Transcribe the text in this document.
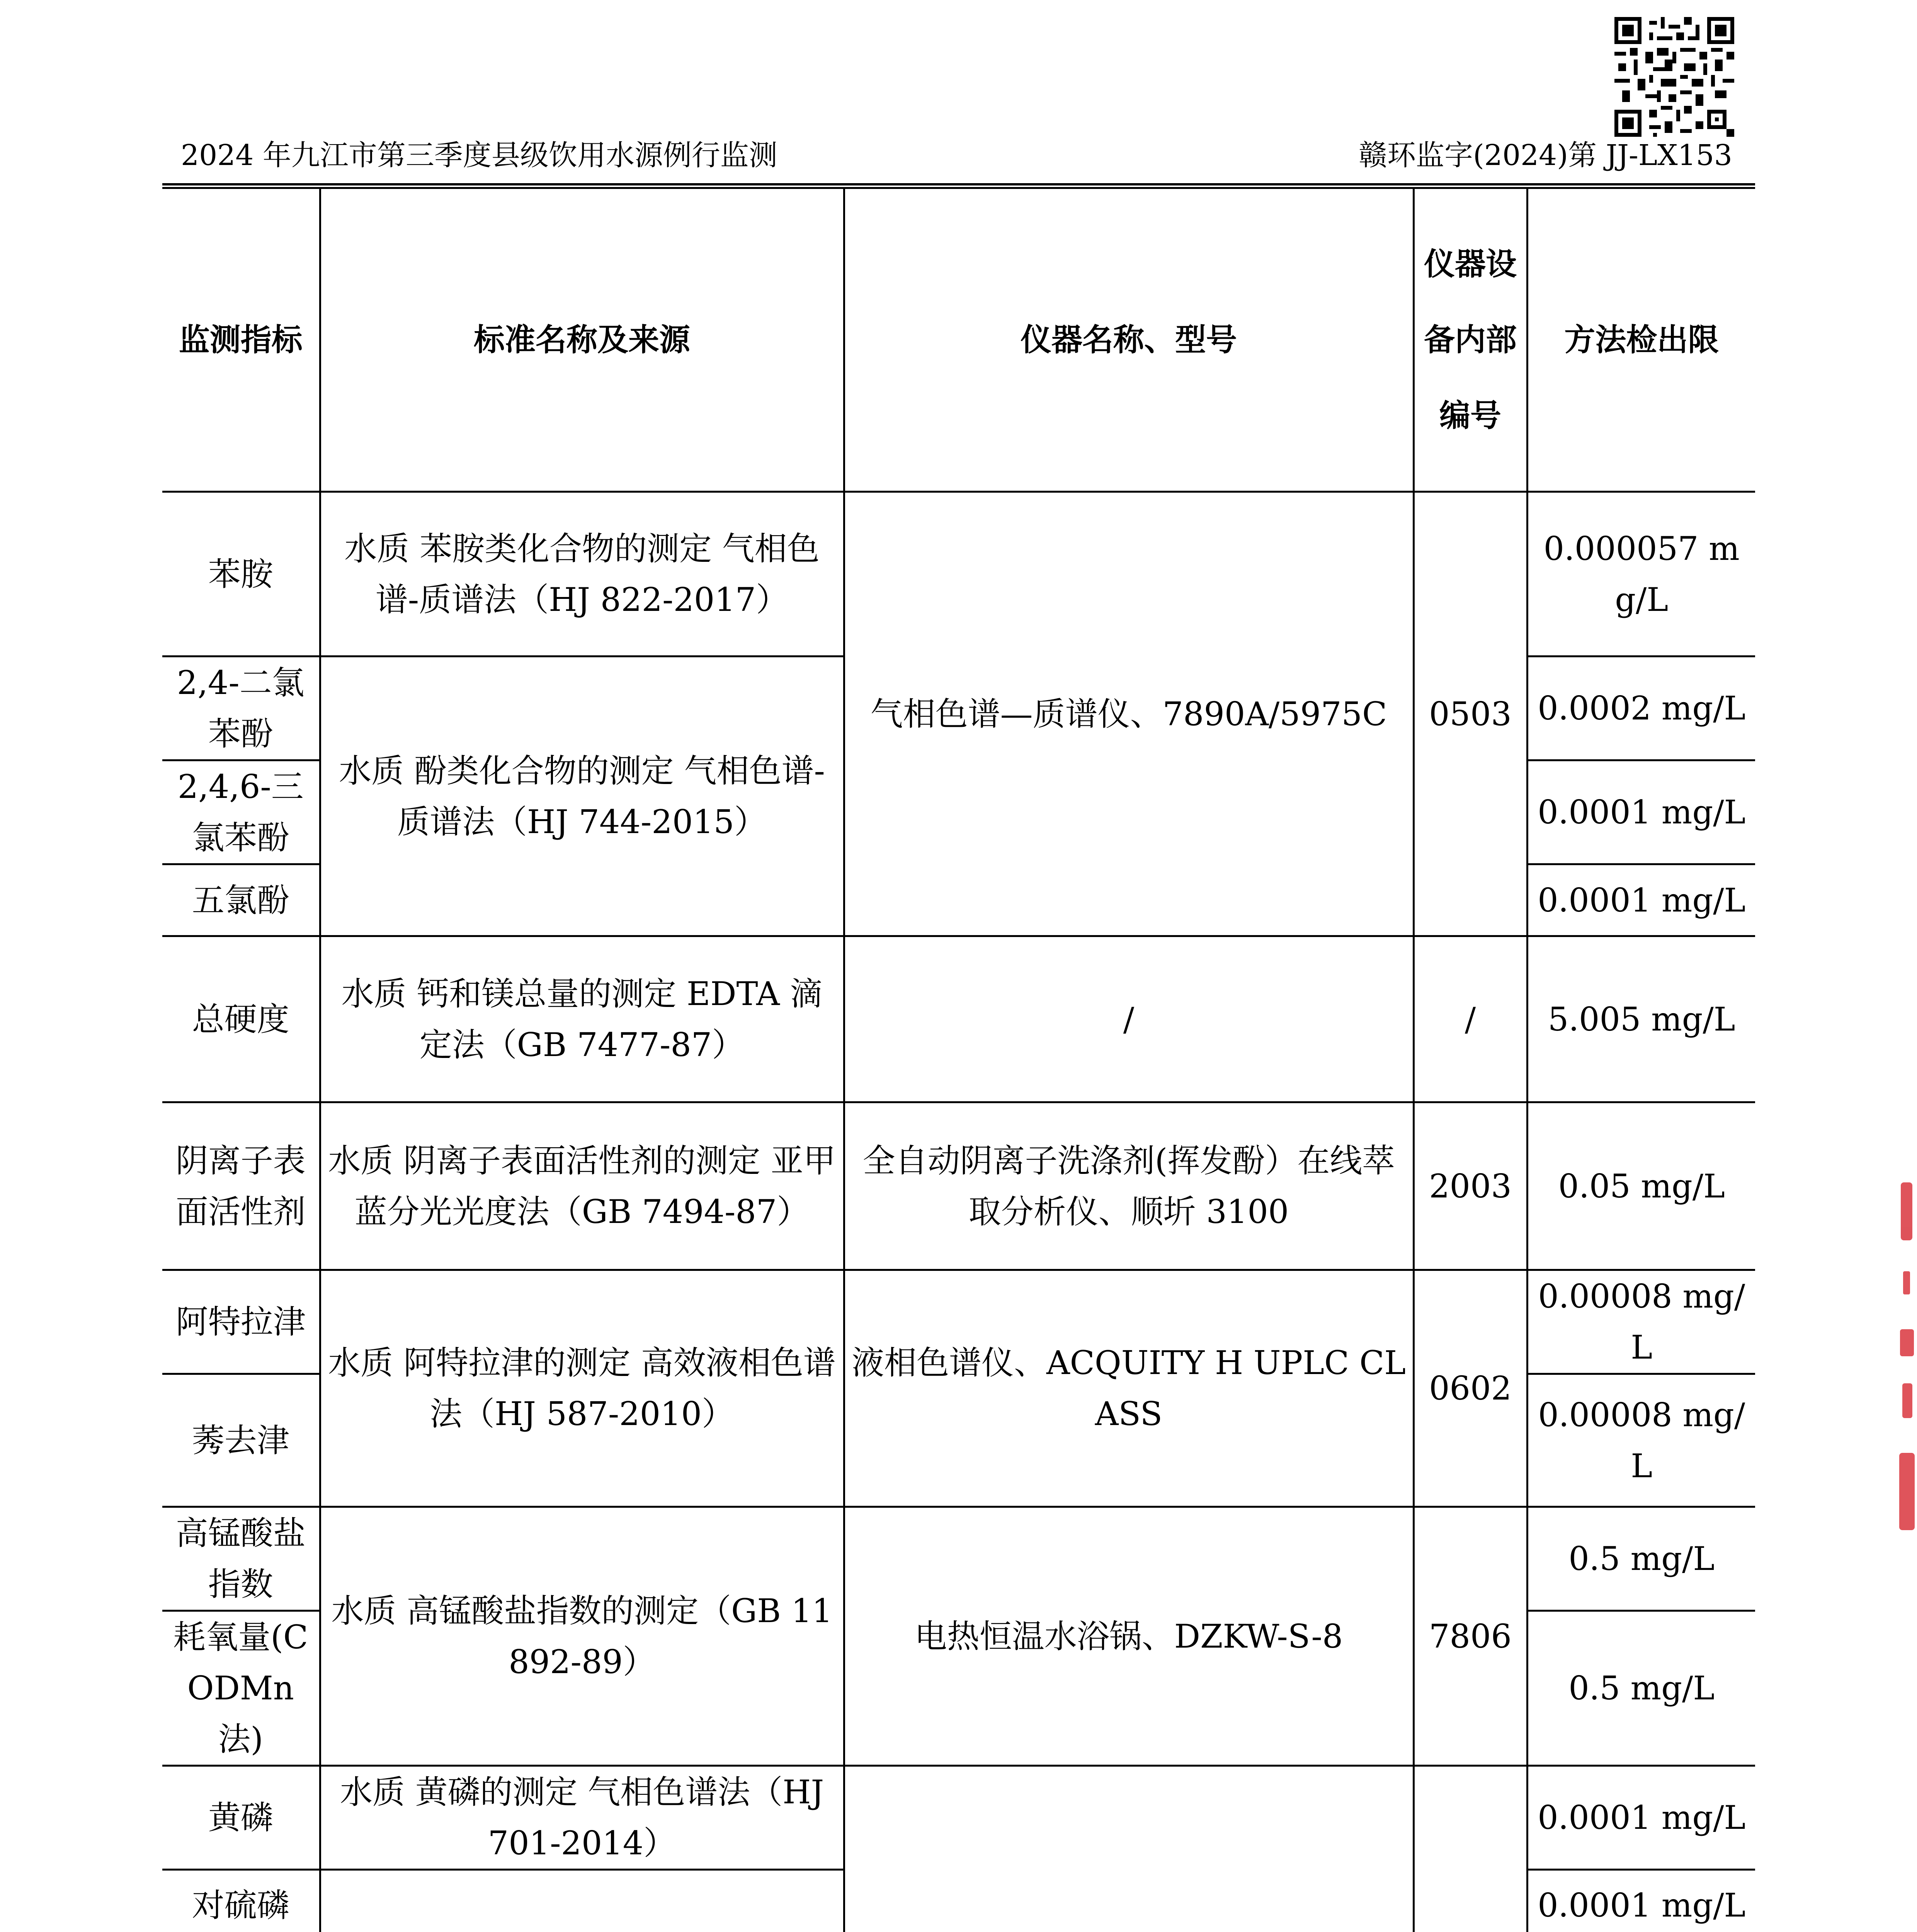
2024 年九江市第三季度县级饮用水源例行监测	赣环监字(2024)第 JJ-LX153
监测指标	标准名称及来源	仪器名称、型号	仪器设备内部编号	方法检出限
苯胺	水质 苯胺类化合物的测定 气相色谱-质谱法（HJ 822-2017）	气相色谱—质谱仪、7890A/5975C	0503	0.000057 mg/L
2,4-二氯苯酚	水质 酚类化合物的测定 气相色谱-质谱法（HJ 744-2015）			0.0002 mg/L
2,4,6-三氯苯酚				0.0001 mg/L
五氯酚				0.0001 mg/L
总硬度	水质 钙和镁总量的测定 EDTA 滴定法（GB 7477-87）	/	/	5.005 mg/L
阴离子表面活性剂	水质 阴离子表面活性剂的测定 亚甲蓝分光光度法（GB 7494-87）	全自动阴离子洗涤剂(挥发酚）在线萃取分析仪、顺圻 3100	2003	0.05 mg/L
阿特拉津	水质 阿特拉津的测定 高效液相色谱法（HJ 587-2010）	液相色谱仪、ACQUITY H UPLC CLASS	0602	0.00008 mg/L
莠去津				0.00008 mg/L
高锰酸盐指数	水质 高锰酸盐指数的测定（GB 11892-89）	电热恒温水浴锅、DZKW-S-8	7806	0.5 mg/L
耗氧量(CODMn法)				0.5 mg/L
黄磷	水质 黄磷的测定 气相色谱法（HJ 701-2014）			0.0001 mg/L
对硫磷				0.0001 mg/L
